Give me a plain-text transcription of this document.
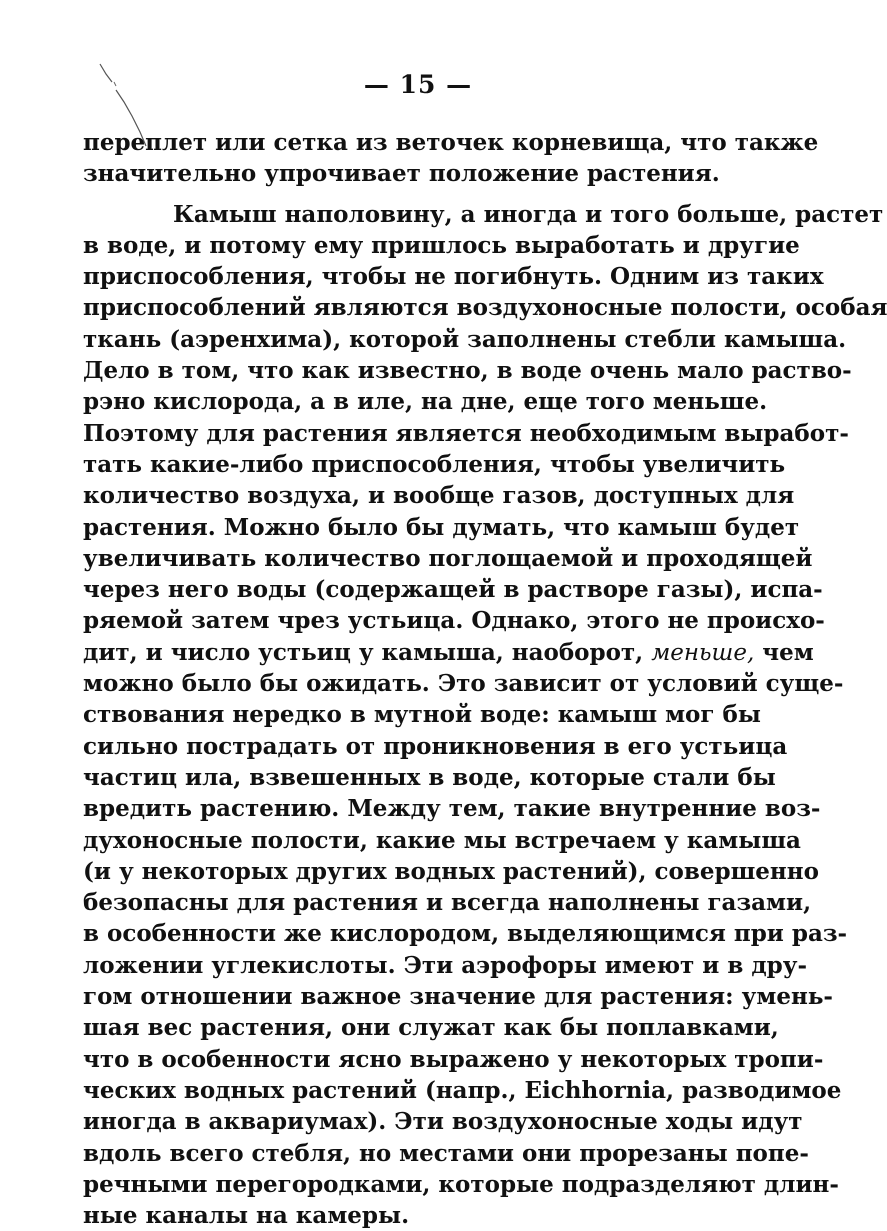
— 15 —
переплет или сетка из веточек корневища, что также
значительно упрочивает положение растения.
Камыш наполовину, а иногда и того больше, растет
в воде, и потому ему пришлось выработать и другие
приспособления, чтобы не погибнуть. Одним из таких
приспособлений являются воздухоносные полости, особая
ткань (аэренхима), которой заполнены стебли камыша.
Дело в том, что как известно, в воде очень мало раство-
рэно кислорода, а в иле, на дне, еще того меньше.
Поэтому для растения является необходимым выработ-
тать какие-либо приспособления, чтобы увеличить
количество воздуха, и вообще газов, доступных для
растения. Можно было бы думать, что камыш будет
увеличивать количество поглощаемой и проходящей
через него воды (содержащей в растворе газы), испа-
ряемой затем чрез устьица. Однако, этого не происхо-
дит, и число устьиц у камыша, наоборот, меньше, чем
можно было бы ожидать. Это зависит от условий суще-
ствования нередко в мутной воде: камыш мог бы
сильно пострадать от проникновения в его устьица
частиц ила, взвешенных в воде, которые стали бы
вредить растению. Между тем, такие внутренние воз-
духоносные полости, какие мы встречаем у камыша
(и у некоторых других водных растений), совершенно
безопасны для растения и всегда наполнены газами,
в особенности же кислородом, выделяющимся при раз-
ложении углекислоты. Эти аэрофоры имеют и в дру-
гом отношении важное значение для растения: умень-
шая вес растения, они служат как бы поплавками,
что в особенности ясно выражено у некоторых тропи-
ческих водных растений (напр., Eichhornia, разводимое
иногда в аквариумах). Эти воздухоносные ходы идут
вдоль всего стебля, но местами они прорезаны попе-
речными перегородками, которые подразделяют длин-
ные каналы на камеры.
